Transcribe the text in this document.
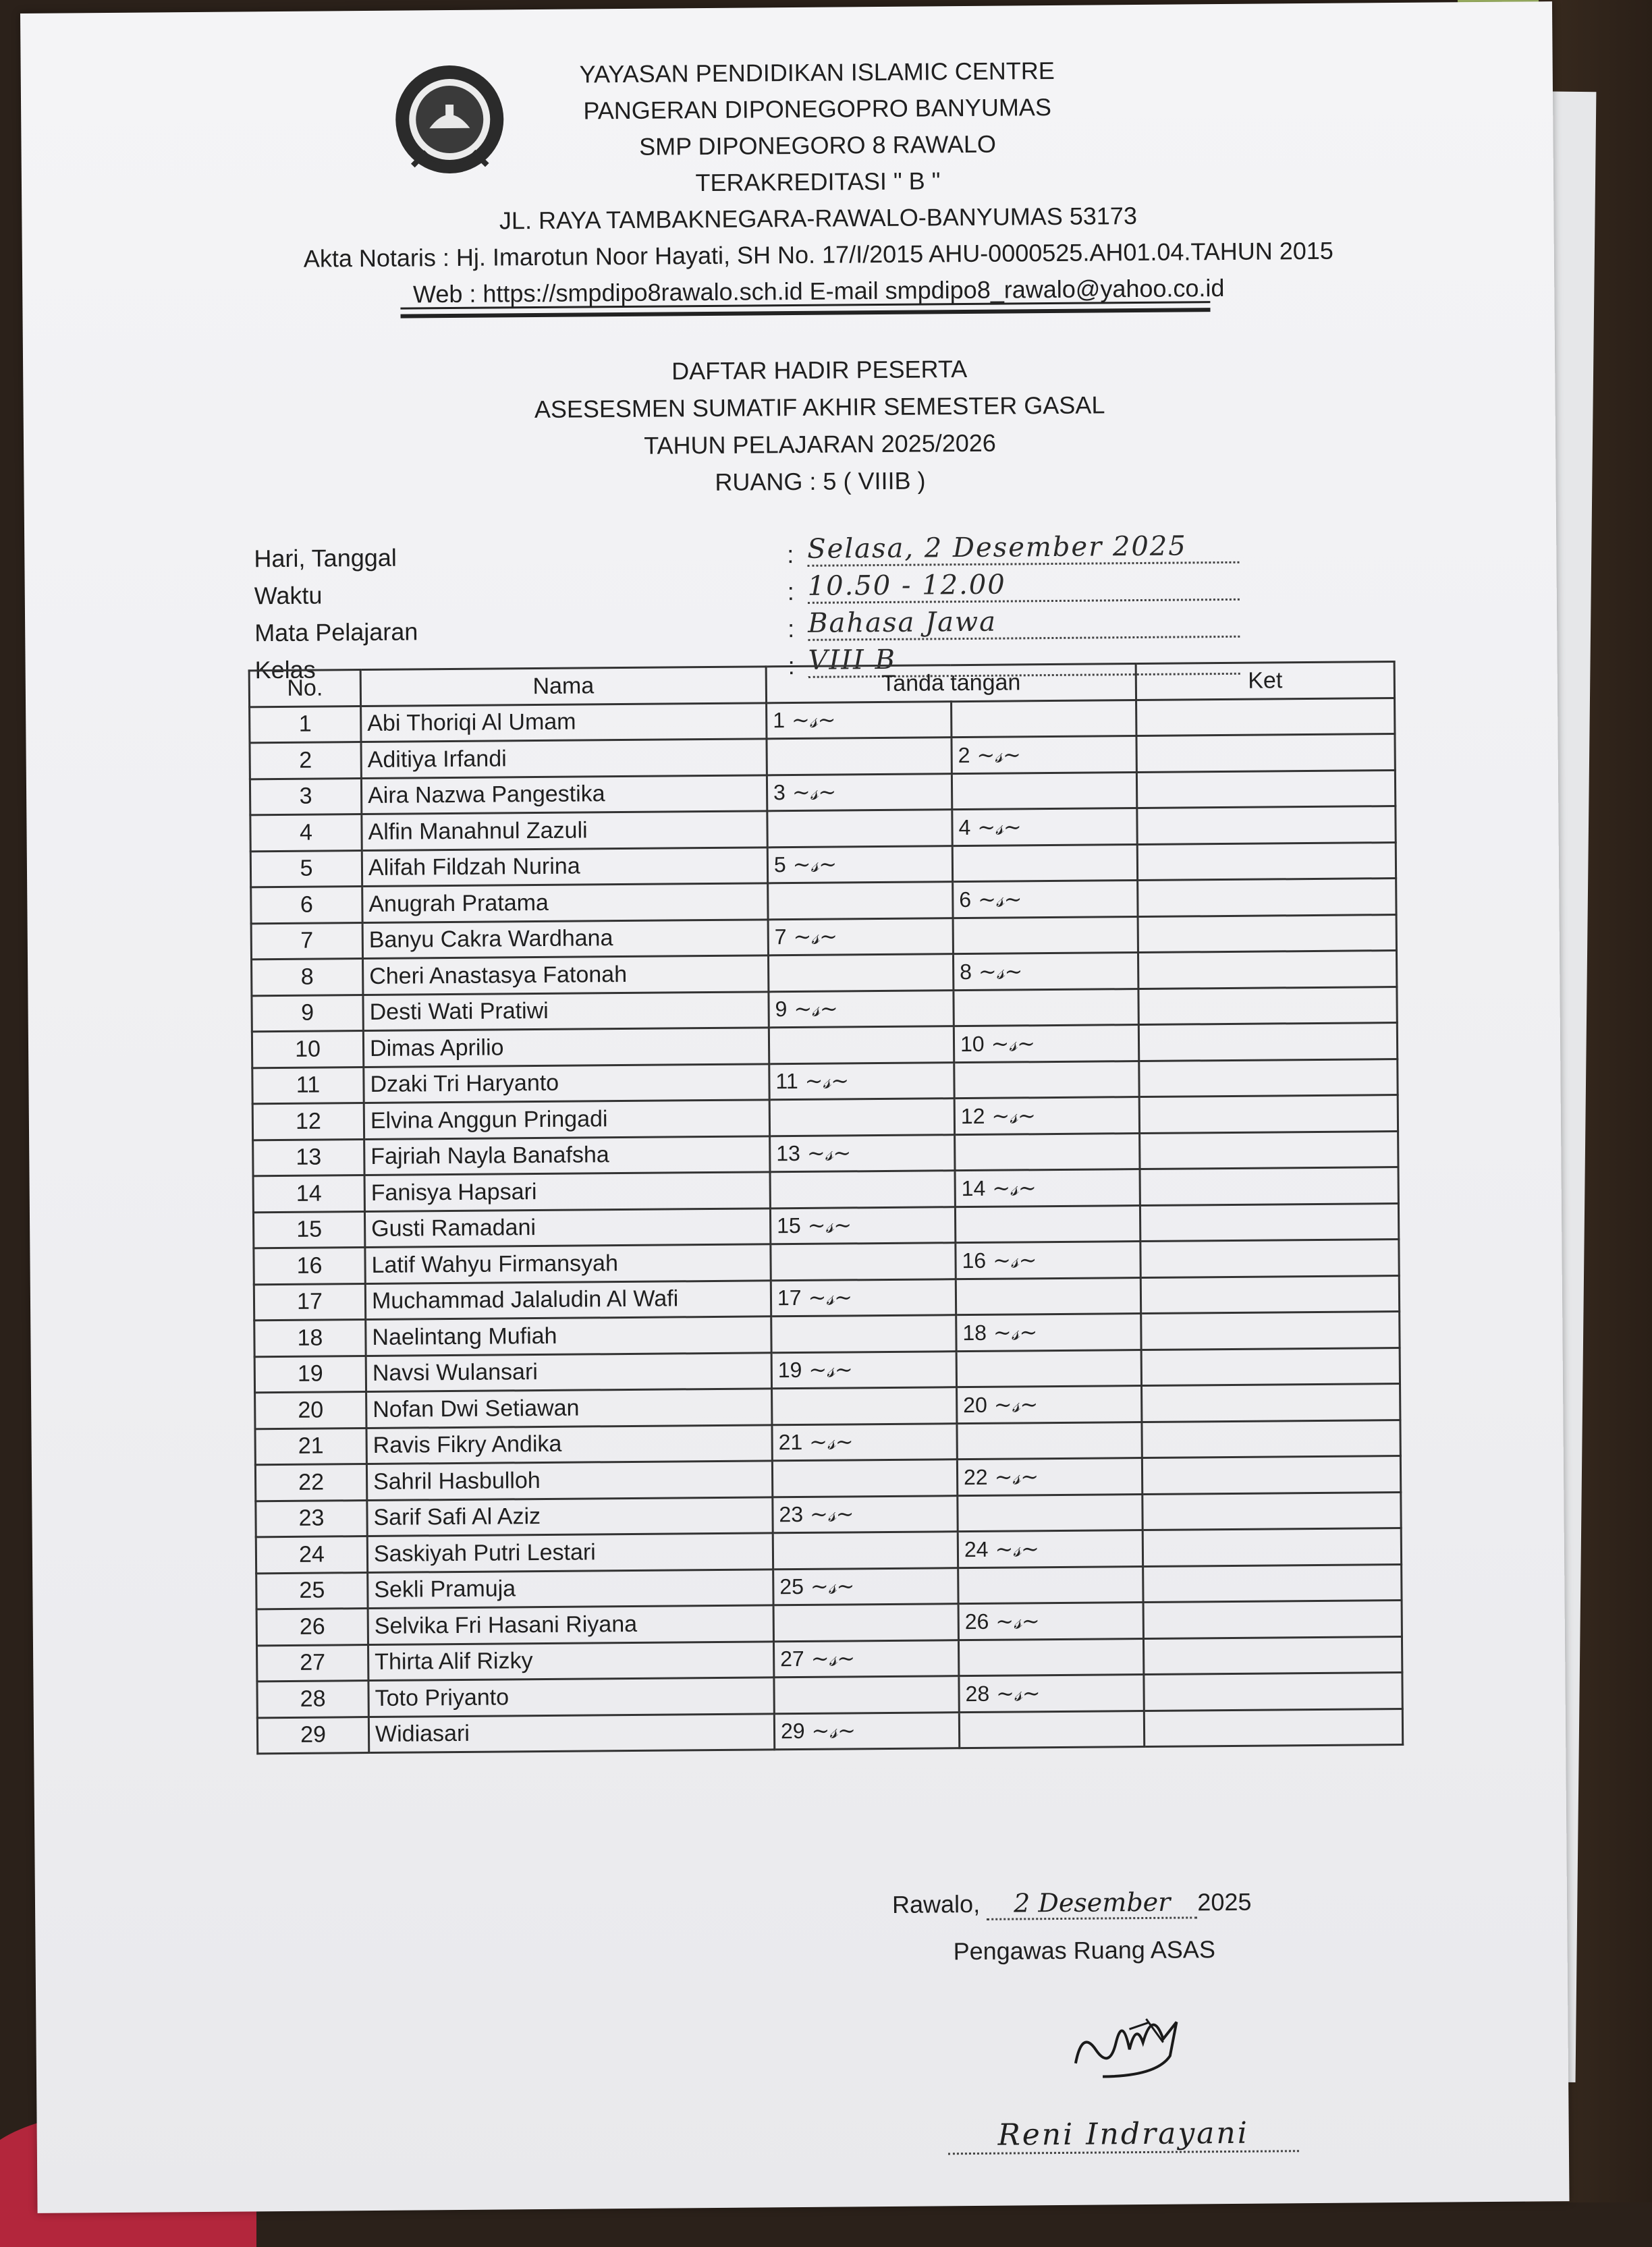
YAYASAN PENDIDIKAN ISLAMIC CENTRE
PANGERAN DIPONEGOPRO BANYUMAS
SMP DIPONEGORO 8 RAWALO
TERAKREDITASI " B "
JL. RAYA TAMBAKNEGARA-RAWALO-BANYUMAS 53173
Akta Notaris : Hj. Imarotun Noor Hayati, SH No. 17/I/2015 AHU-0000525.AH01.04.TAHUN 2015
Web : https://smpdipo8rawalo.sch.id E-mail smpdipo8_rawalo@yahoo.co.id
DAFTAR HADIR PESERTA
ASESESMEN SUMATIF AKHIR SEMESTER GASAL
TAHUN PELAJARAN 2025/2026
RUANG : 5 ( VIIIB )
Hari, Tanggal	: Selasa, 2 Desember 2025
Waktu	: 10.50 - 12.00
Mata Pelajaran	: Bahasa Jawa
Kelas	: VIII B
No.	Nama	Tanda tangan		Ket
1	Abi Thoriqi Al Umam	1 ~𝓈~		
2	Aditiya Irfandi		2 ~𝓈~	
3	Aira Nazwa Pangestika	3 ~𝓈~		
4	Alfin Manahnul Zazuli		4 ~𝓈~	
5	Alifah Fildzah Nurina	5 ~𝓈~		
6	Anugrah Pratama		6 ~𝓈~	
7	Banyu Cakra Wardhana	7 ~𝓈~		
8	Cheri Anastasya Fatonah		8 ~𝓈~	
9	Desti Wati Pratiwi	9 ~𝓈~		
10	Dimas Aprilio		10 ~𝓈~	
11	Dzaki Tri Haryanto	11 ~𝓈~		
12	Elvina Anggun Pringadi		12 ~𝓈~	
13	Fajriah Nayla Banafsha	13 ~𝓈~		
14	Fanisya Hapsari		14 ~𝓈~	
15	Gusti Ramadani	15 ~𝓈~		
16	Latif Wahyu Firmansyah		16 ~𝓈~	
17	Muchammad Jalaludin Al Wafi	17 ~𝓈~		
18	Naelintang Mufiah		18 ~𝓈~	
19	Navsi Wulansari	19 ~𝓈~		
20	Nofan Dwi Setiawan		20 ~𝓈~	
21	Ravis Fikry Andika	21 ~𝓈~		
22	Sahril Hasbulloh		22 ~𝓈~	
23	Sarif Safi Al Aziz	23 ~𝓈~		
24	Saskiyah Putri Lestari		24 ~𝓈~	
25	Sekli Pramuja	25 ~𝓈~		
26	Selvika Fri Hasani Riyana		26 ~𝓈~	
27	Thirta Alif Rizky	27 ~𝓈~		
28	Toto Priyanto		28 ~𝓈~	
29	Widiasari	29 ~𝓈~		
Rawalo, 2 Desember 2025
Pengawas Ruang ASAS
Reni Indrayani
